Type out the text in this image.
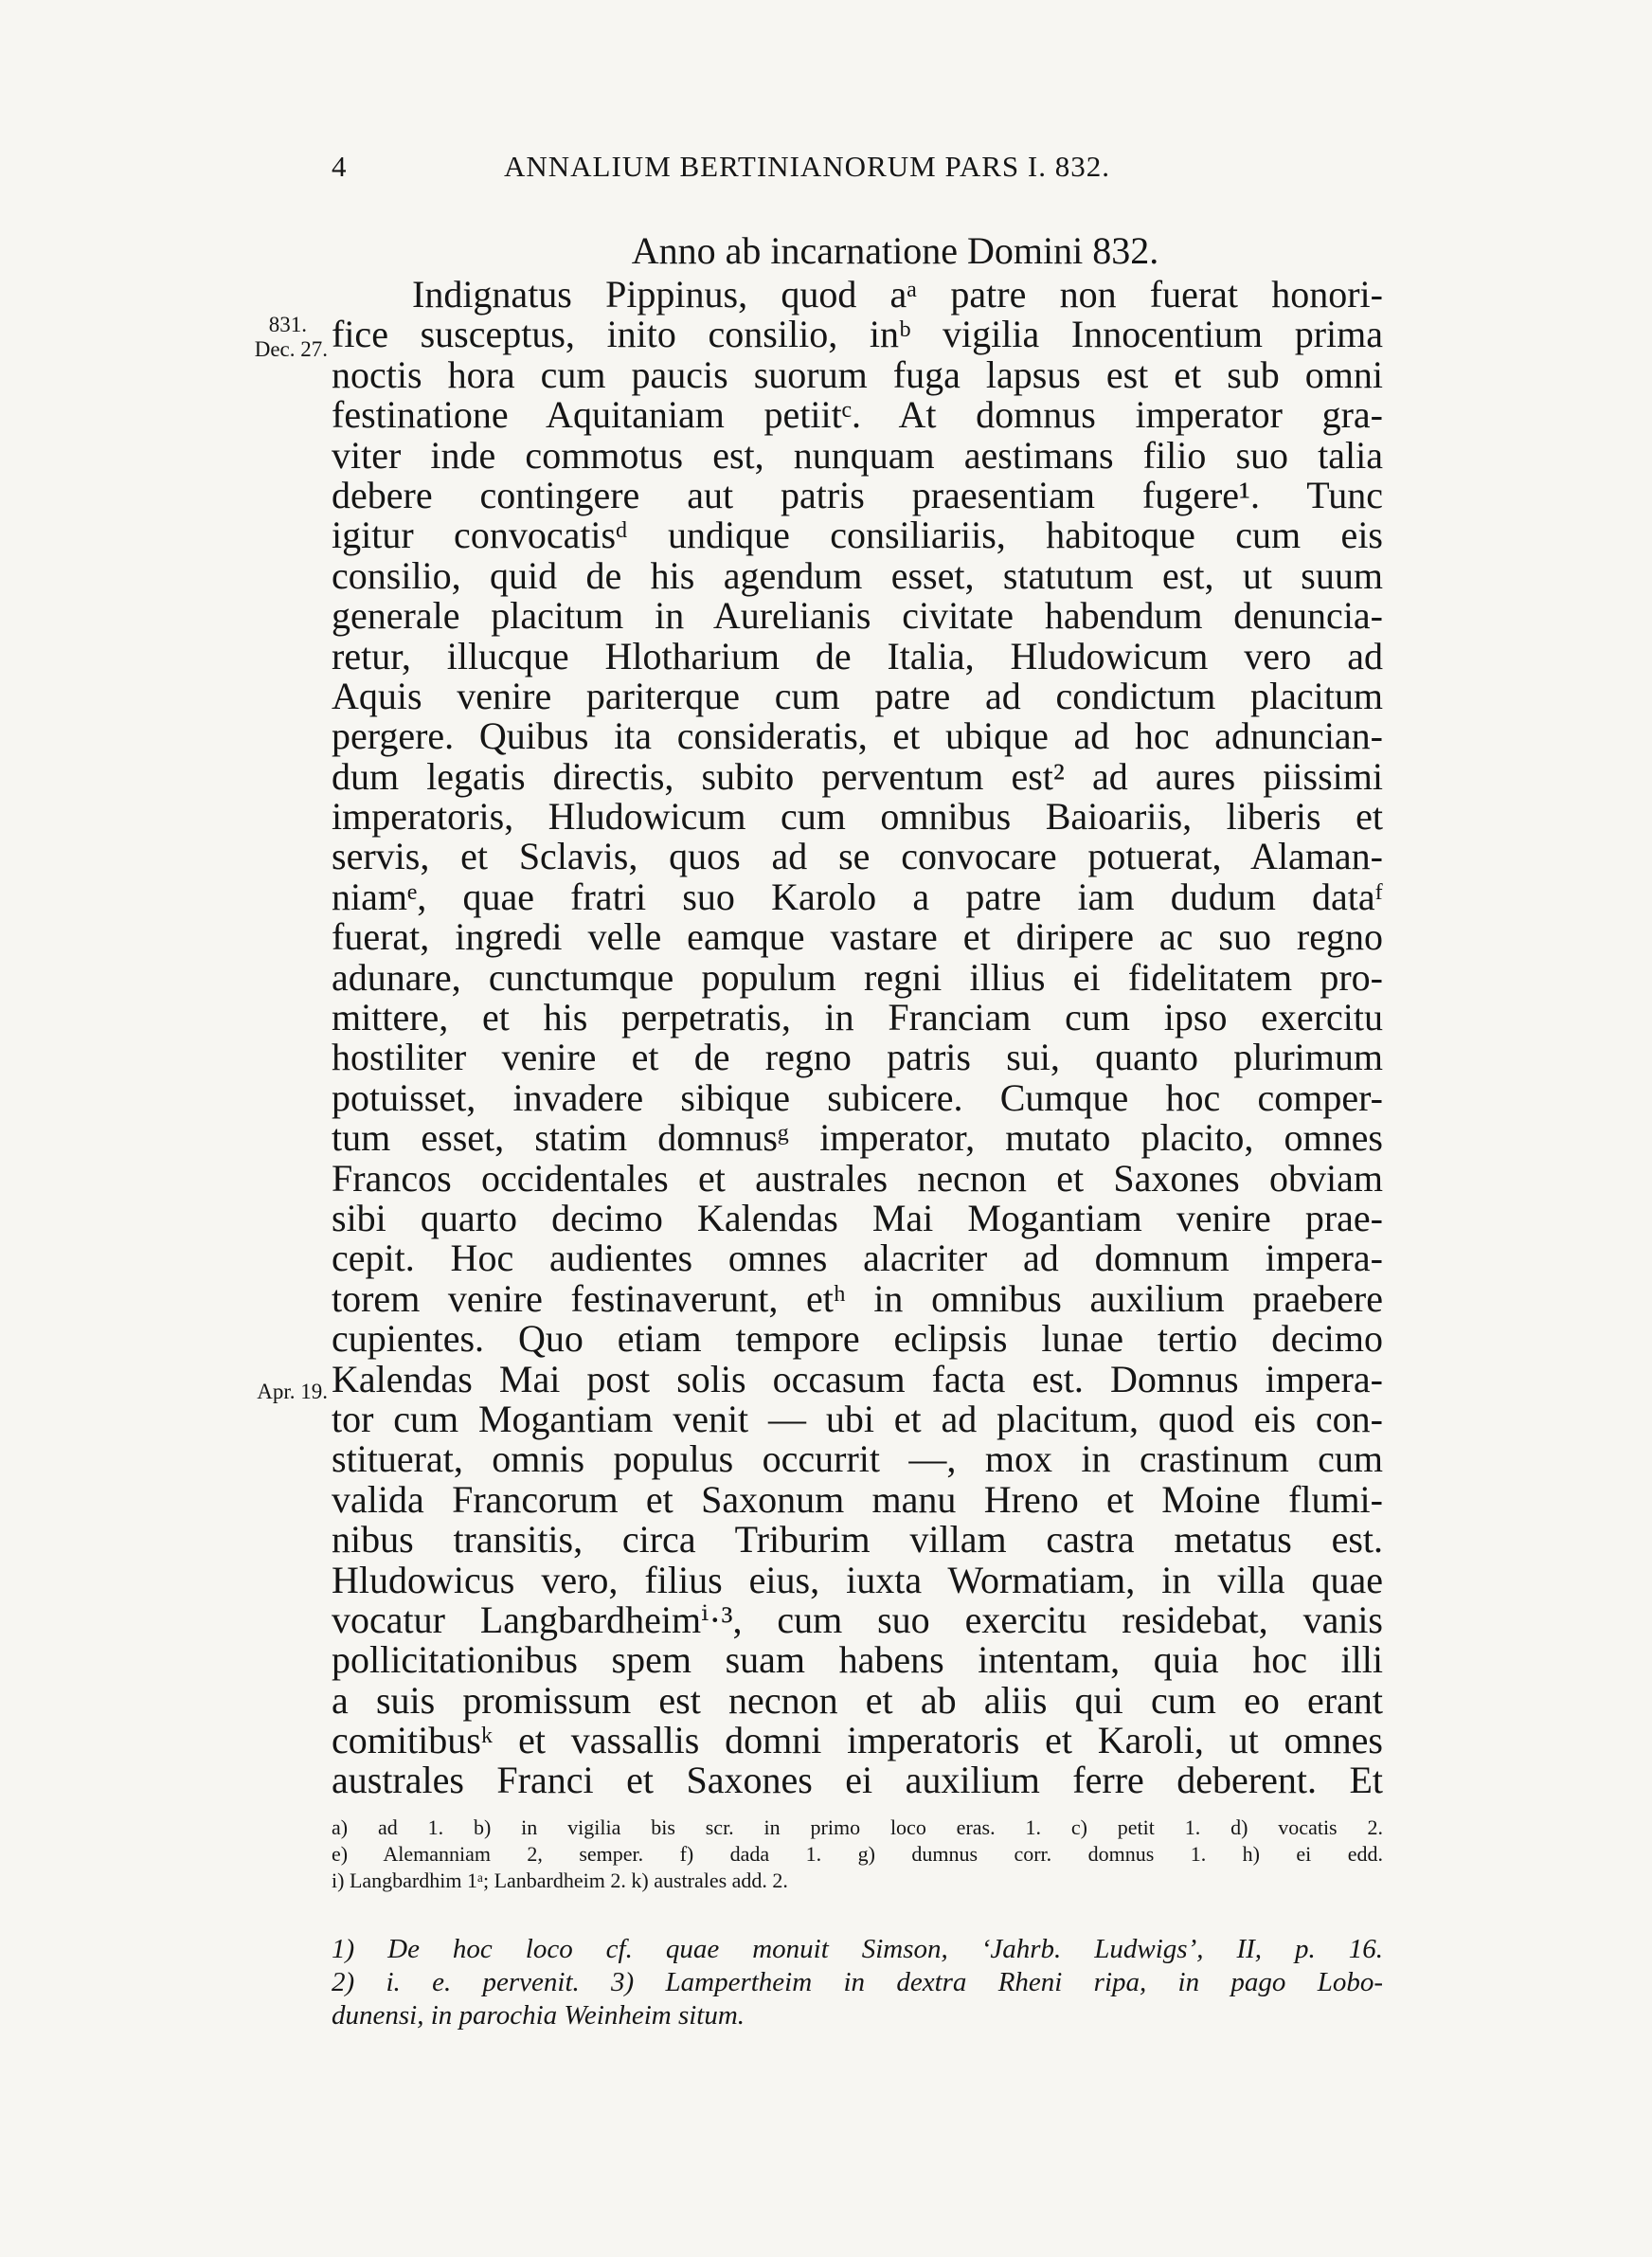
4	ANNALIUM BERTINIANORUM PARS I. 832.
Anno ab incarnatione Domini 832.
831.
Dec. 27.
Apr. 19.
Indignatus Pippinus, quod aᵃ patre non fuerat honori-
fice susceptus, inito consilio, inᵇ vigilia Innocentium prima
noctis hora cum paucis suorum fuga lapsus est et sub omni
festinatione Aquitaniam petiitᶜ. At domnus imperator gra-
viter inde commotus est, nunquam aestimans filio suo talia
debere contingere aut patris praesentiam fugere¹. Tunc
igitur convocatisᵈ undique consiliariis, habitoque cum eis
consilio, quid de his agendum esset, statutum est, ut suum
generale placitum in Aurelianis civitate habendum denuncia-
retur, illucque Hlotharium de Italia, Hludowicum vero ad
Aquis venire pariterque cum patre ad condictum placitum
pergere. Quibus ita consideratis, et ubique ad hoc adnuncian-
dum legatis directis, subito perventum est² ad aures piissimi
imperatoris, Hludowicum cum omnibus Baioariis, liberis et
servis, et Sclavis, quos ad se convocare potuerat, Alaman-
niamᵉ, quae fratri suo Karolo a patre iam dudum dataᶠ
fuerat, ingredi velle eamque vastare et diripere ac suo regno
adunare, cunctumque populum regni illius ei fidelitatem pro-
mittere, et his perpetratis, in Franciam cum ipso exercitu
hostiliter venire et de regno patris sui, quanto plurimum
potuisset, invadere sibique subicere. Cumque hoc comper-
tum esset, statim domnusᵍ imperator, mutato placito, omnes
Francos occidentales et australes necnon et Saxones obviam
sibi quarto decimo Kalendas Mai Mogantiam venire prae-
cepit. Hoc audientes omnes alacriter ad domnum impera-
torem venire festinaverunt, etʰ in omnibus auxilium praebere
cupientes. Quo etiam tempore eclipsis lunae tertio decimo
Kalendas Mai post solis occasum facta est. Domnus impera-
tor cum Mogantiam venit — ubi et ad placitum, quod eis con-
stituerat, omnis populus occurrit —, mox in crastinum cum
valida Francorum et Saxonum manu Hreno et Moine flumi-
nibus transitis, circa Triburim villam castra metatus est.
Hludowicus vero, filius eius, iuxta Wormatiam, in villa quae
vocatur Langbardheimⁱ·³, cum suo exercitu residebat, vanis
pollicitationibus spem suam habens intentam, quia hoc illi
a suis promissum est necnon et ab aliis qui cum eo erant
comitibusᵏ et vassallis domni imperatoris et Karoli, ut omnes
australes Franci et Saxones ei auxilium ferre deberent. Et
a) ad 1. b) in vigilia bis scr. in primo loco eras. 1. c) petit 1. d) vocatis 2.
e) Alemanniam 2, semper. f) dada 1. g) dumnus corr. domnus 1. h) ei edd.
i) Langbardhim 1ᵃ; Lanbardheim 2. k) australes add. 2.
1) De hoc loco cf. quae monuit Simson, ‘Jahrb. Ludwigs’, II, p. 16.
2) i. e. pervenit. 3) Lampertheim in dextra Rheni ripa, in pago Lobo-
dunensi, in parochia Weinheim situm.
